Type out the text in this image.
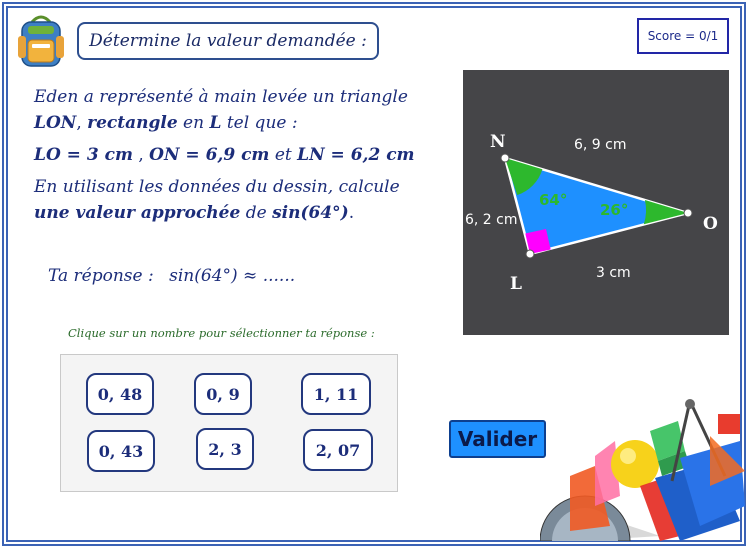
Détermine la valeur demandée :	Score = 0/1
Eden a représenté à main levée un triangle
LON, rectangle en L tel que :
LO = 3 cm , ON = 6,9 cm et LN = 6,2 cm
En utilisant les données du dessin, calcule
une valeur approchée de sin(64°).
Ta réponse : sin(64°) ≈ ......
Clique sur un nombre pour sélectionner ta réponse :
0, 48	0, 9	1, 11
0, 43	2, 3	2, 07
N
O
L
6, 9 cm
6, 2 cm
3 cm
64°
26°
Valider
